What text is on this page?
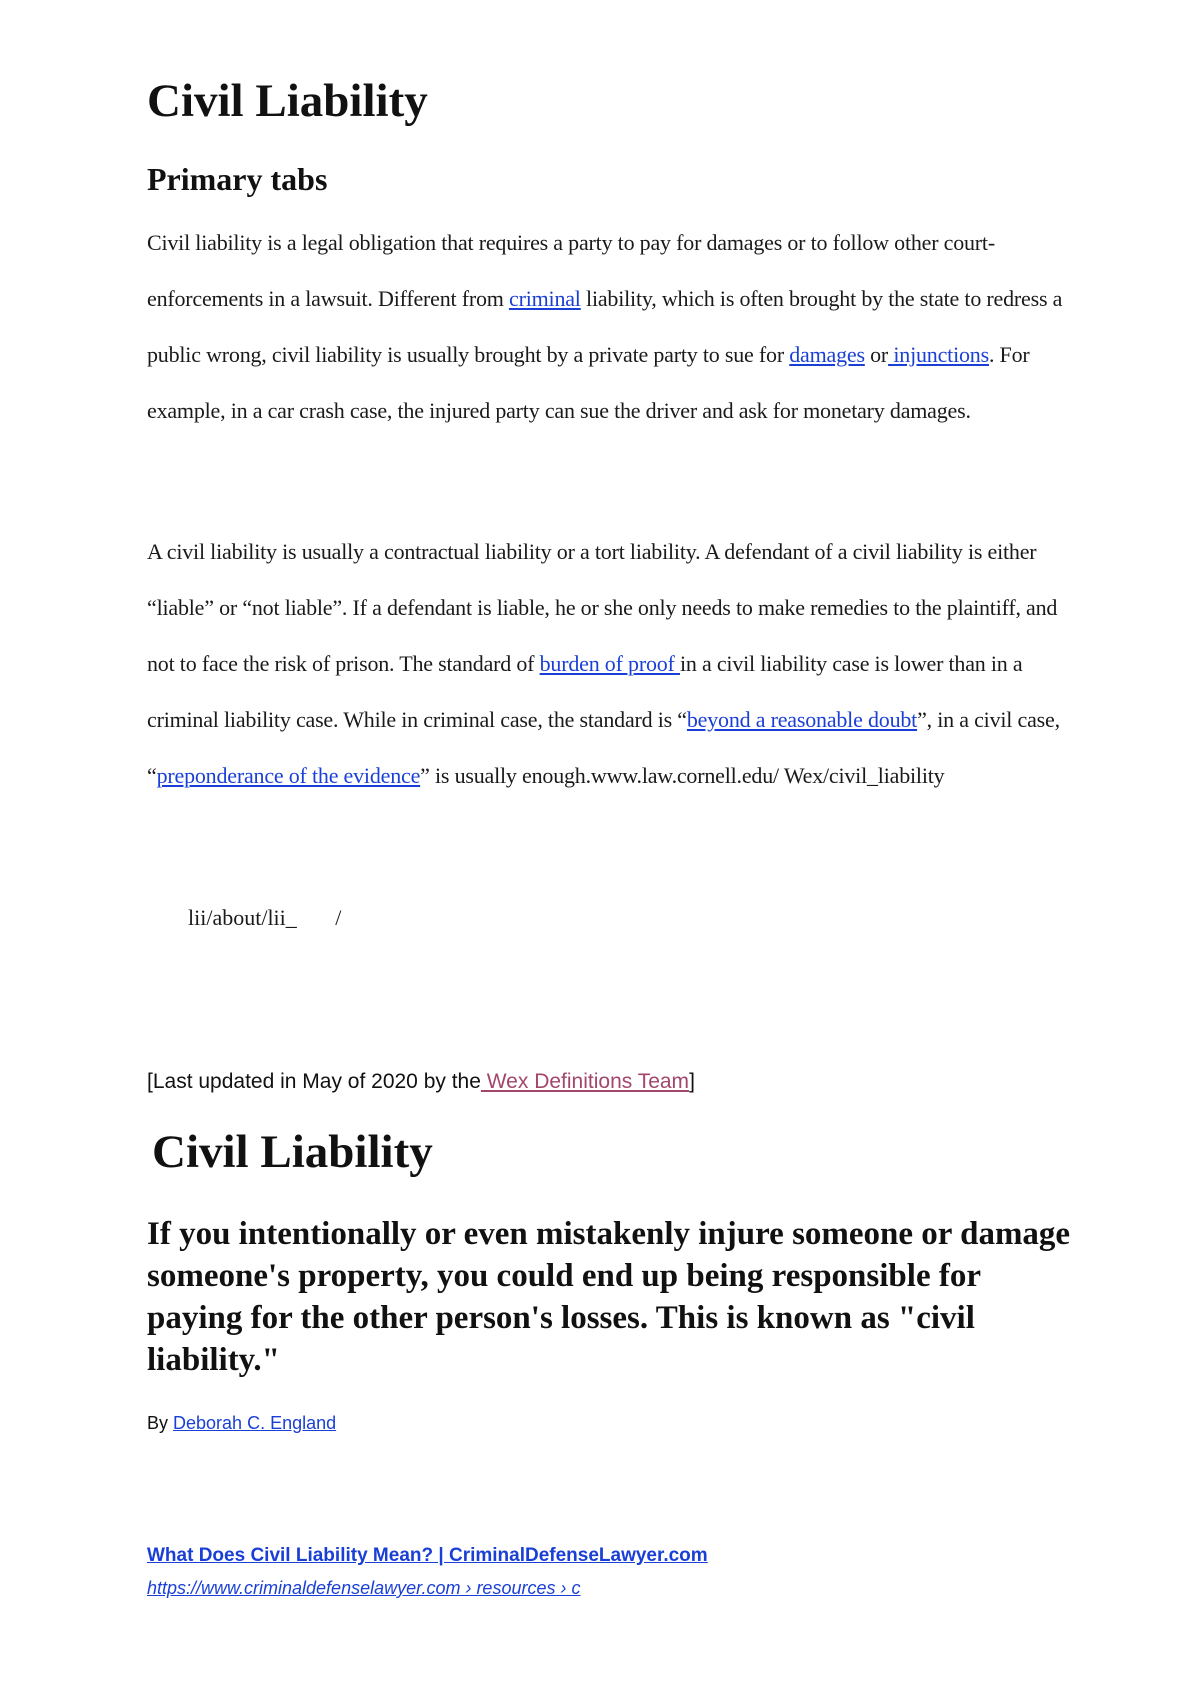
Civil Liability
Primary tabs

Civil liability is a legal obligation that requires a party to pay for damages or to follow other court-enforcements in a lawsuit. Different from criminal liability, which is often brought by the state to redress a public wrong, civil liability is usually brought by a private party to sue for damages or injunctions. For example, in a car crash case, the injured party can sue the driver and ask for monetary damages.

A civil liability is usually a contractual liability or a tort liability. A defendant of a civil liability is either “liable” or “not liable”. If a defendant is liable, he or she only needs to make remedies to the plaintiff, and not to face the risk of prison. The standard of burden of proof in a civil liability case is lower than in a criminal liability case. While in criminal case, the standard is “beyond a reasonable doubt”, in a civil case, “preponderance of the evidence” is usually enough.www.law.cornell.edu/ Wex/civil_liability

lii/about/lii_       /
[Last updated in May of 2020 by the Wex Definitions Team]
Civil Liability

If you intentionally or even mistakenly injure someone or damage someone's property, you could end up being responsible for paying for the other person's losses. This is known as "civil liability."

By Deborah C. England
What Does Civil Liability Mean? | CriminalDefenseLawyer.com
https://www.criminaldefenselawyer.com › resources › c
